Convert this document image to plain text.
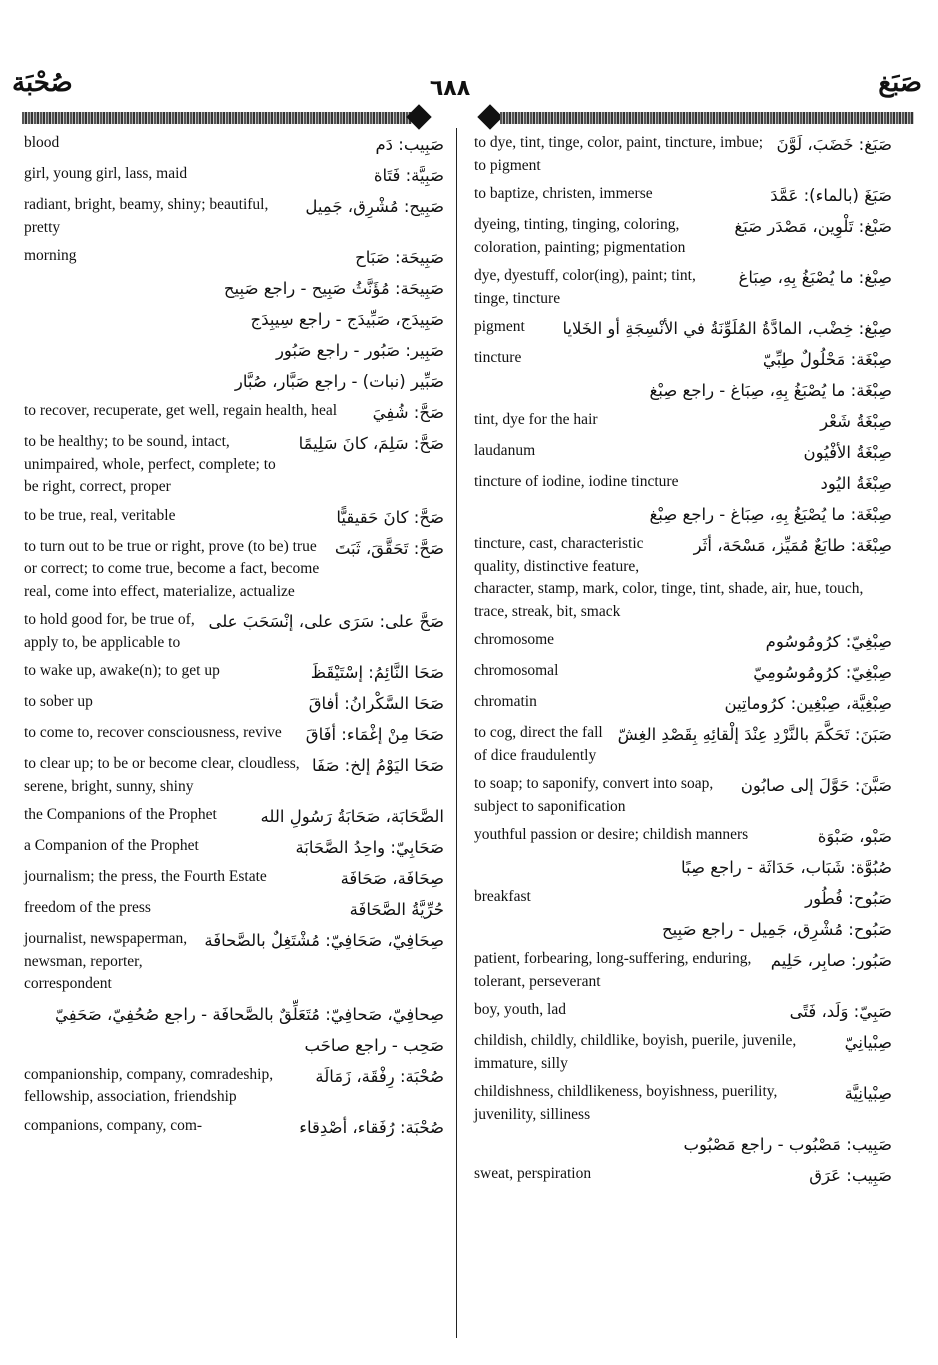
صُحْبَة	٦٨٨	صَبَغ
صَبِيب: دَم
blood
صَبِيَّة: فَتَاة
girl, young girl, lass, maid
صَبِيح: مُشْرِق، جَمِيل
radiant, bright, beamy, shiny; beautiful, pretty
صَبِيحَة: صَبَاح
morning
صَبِيحَة: مُؤَنَّثُ صَبِيح - راجع صَبِيح
صَبِيدَج، صَبِّيدَج - راجع سِيبِدَج
صَبِير: صَبُور - راجع صَبُور
صَبِّير (نبات) - راجع صَبَّار، صُبَّار
صَحَّ: شُفِيَ
to recover, recuperate, get well, regain health, heal
صَحَّ: سَلِمَ، كانَ سَلِيمًا
to be healthy; to be sound, intact, unimpaired, whole, perfect, complete; to be right, correct, proper
صَحَّ: كانَ حَقيقيًّا
to be true, real, veritable
صَحَّ: تَحَقَّقَ، ثَبَتَ
to turn out to be true or right, prove (to be) true or correct; to come true, become a fact, become real, come into effect, materialize, actualize
صَحَّ على: سَرَى على، إنْسَحَبَ على
to hold good for, be true of, apply to, be applicable to
صَحَا النَّائِمُ: إسْتَيْقَظَ
to wake up, awake(n); to get up
صَحَا السَّكْرانُ: أفاقَ
to sober up
صَحَا مِنْ إغْمَاء: أفَاقَ
to come to, recover consciousness, revive
صَحَا اليَوْمُ إلخ: صَفَا
to clear up; to be or become clear, cloudless, serene, bright, sunny, shiny
الصَّحَابَة، صَحَابَةُ رَسُولِ الله
the Companions of the Prophet
صَحَابِيّ: واحِدُ الصَّحَابَة
a Companion of the Prophet
صِحَافَة، صَحَافَة
journalism; the press, the Fourth Estate
حُرِّيَّةُ الصَّحَافَة
freedom of the press
صِحَافِيّ، صَحَافِيّ: مُشْتَغِلٌ بالصَّحافَة
journalist, newspaperman, newsman, reporter, correspondent
صِحافِيّ، صَحافِيّ: مُتَعَلِّقٌ بالصَّحافَة - راجع صُحُفِيّ، صَحَفِيّ
صَحِب - راجع صاحَب
صُحْبَة: رِفْقَة، زَمَالَة
companionship, company, comradeship, fellowship, association, friendship
صُحْبَة: رُفَقاء، أصْدِقاء
companions, company, com-
صَبَغ: خَضَبَ، لَوَّنَ
to dye, tint, tinge, color, paint, tincture, imbue; to pigment
صَبَغَ (بالماء): عَمَّدَ
to baptize, christen, immerse
صَبْغ: تَلْوِين، مَصْدَر صَبَغ
dyeing, tinting, tinging, coloring, coloration, painting; pigmentation
صِبْغ: ما يُصْبَغُ بِهِ، صِبَاغ
dye, dyestuff, color(ing), paint; tint, tinge, tincture
صِبْغ: خِضْب، المادَّةُ المُلَوِّنَةُ في الأنْسِجَةِ أو الخَلايا
pigment
صِبْغَة: مَحْلُولٌ طِبِّيّ
tincture
صِبْغَة: ما يُصْبَغُ بِهِ، صِبَاغ - راجع صِبْغ
صِبْغَةُ شَعْر
tint, dye for the hair
صِبْغَةُ الأفْيُون
laudanum
صِبْغَةُ اليُود
tincture of iodine, iodine tincture
صِبْغَة: ما يُصْبَغُ بِهِ، صِبَاغ - راجع صِبْغ
صِبْغَة: طابَعٌ مُمَيِّز، مَسْحَة، أثَر
tincture, cast, characteristic quality, distinctive feature, character, stamp, mark, color, tinge, tint, shade, air, hue, touch, trace, streak, bit, smack
صِبْغِيّ: كرُومُوسُوم
chromosome
صِبْغِيّ: كرُومُوسُومِيّ
chromosomal
صِبْغِيَّة، صِبْغِين: كرُوماتِين
chromatin
صَبَنَ: تَحَكَّمَ بالنَّرْدِ عِنْدَ إلْقائِهِ بِقَصْدِ الغِشّ
to cog, direct the fall of dice fraudulently
صَبَّنَ: حَوَّلَ إلى صابُون
to soap; to saponify, convert into soap, subject to saponification
صَبْو، صَبْوَة
youthful passion or desire; childish manners
صُبُوَّة: شَبَاب، حَدَاثَة - راجع صِبًا
صَبُوح: فُطُور
breakfast
صَبُوح: مُشْرِق، جَمِيل - راجع صَبِيح
صَبُور: صابِر، حَلِيم
patient, forbearing, long-suffering, enduring, tolerant, perseverant
صَبِيّ: وَلَد، فَتًى
boy, youth, lad
صِبْيانِيّ
childish, childly, childlike, boyish, puerile, juvenile, immature, silly
صِبْيانِيَّة
childishness, childlikeness, boyishness, puerility, juvenility, silliness
صَبِيب: مَصْبُوب - راجع مَصْبُوب
صَبِيب: عَرَق
sweat, perspiration
